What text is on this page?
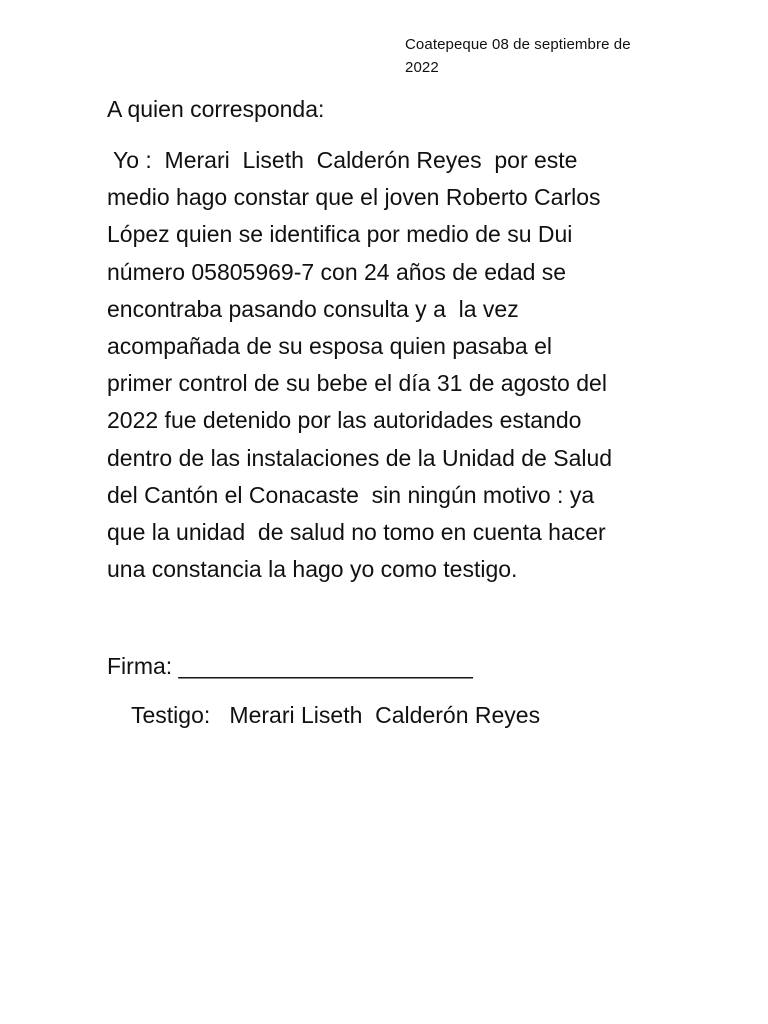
Coatepeque 08 de septiembre de
2022

A quien corresponda:

Yo :  Merari  Liseth  Calderón Reyes  por este
medio hago constar que el joven Roberto Carlos
López quien se identifica por medio de su Dui
número 05805969-7 con 24 años de edad se
encontraba pasando consulta y a  la vez
acompañada de su esposa quien pasaba el
primer control de su bebe el día 31 de agosto del
2022 fue detenido por las autoridades estando
dentro de las instalaciones de la Unidad de Salud
del Cantón el Conacaste  sin ningún motivo : ya
que la unidad  de salud no tomo en cuenta hacer
una constancia la hago yo como testigo.
Firma: _______________________
Testigo:   Merari Liseth  Calderón Reyes
